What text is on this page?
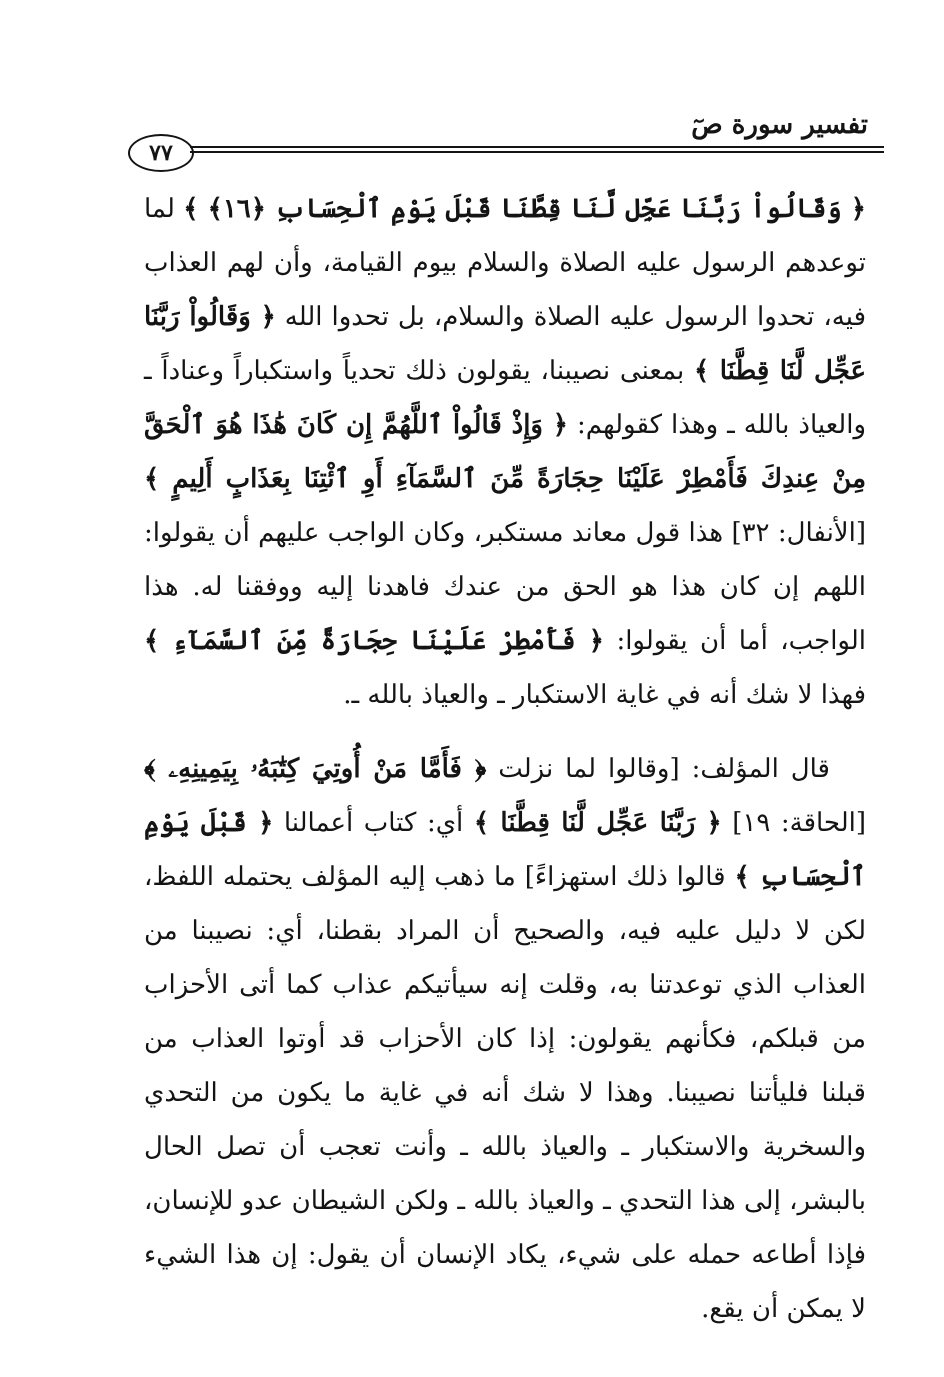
تفسير سورة صٓ
٧٧

﴿ وَقَالُواْ رَبَّنَا عَجِّل لَّنَا قِطَّنَا قَبْلَ يَوْمِ ٱلْحِسَابِ ﴿١٦﴾ ﴾ لما توعدهم الرسول عليه الصلاة والسلام بيوم القيامة، وأن لهم العذاب فيه، تحدوا الرسول عليه الصلاة والسلام، بل تحدوا الله ﴿ وَقَالُواْ رَبَّنَا عَجِّل لَّنَا قِطَّنَا ﴾ بمعنى نصيبنا، يقولون ذلك تحدياً واستكباراً وعناداً ـ والعياذ بالله ـ وهذا كقولهم: ﴿ وَإِذْ قَالُواْ ٱللَّهُمَّ إِن كَانَ هَٰذَا هُوَ ٱلْحَقَّ مِنْ عِندِكَ فَأَمْطِرْ عَلَيْنَا حِجَارَةً مِّنَ ٱلسَّمَآءِ أَوِ ٱئْتِنَا بِعَذَابٍ أَلِيمٍ ﴾ [الأنفال: ٣٢] هذا قول معاند مستكبر، وكان الواجب عليهم أن يقولوا: اللهم إن كان هذا هو الحق من عندك فاهدنا إليه ووفقنا له. هذا الواجب، أما أن يقولوا: ﴿ فَأَمْطِرْ عَلَيْنَا حِجَارَةً مِّنَ ٱلسَّمَآءِ ﴾ فهذا لا شك أنه في غاية الاستكبار ـ والعياذ بالله ـ.

قال المؤلف: [وقالوا لما نزلت ﴿ فَأَمَّا مَنْ أُوتِيَ كِتَٰبَهُۥ بِيَمِينِهِۦ ﴾ [الحاقة: ١٩] ﴿ رَبَّنَا عَجِّل لَّنَا قِطَّنَا ﴾ أي: كتاب أعمالنا ﴿ قَبْلَ يَوْمِ ٱلْحِسَابِ ﴾ قالوا ذلك استهزاءً] ما ذهب إليه المؤلف يحتمله اللفظ، لكن لا دليل عليه فيه، والصحيح أن المراد بقطنا، أي: نصيبنا من العذاب الذي توعدتنا به، وقلت إنه سيأتيكم عذاب كما أتى الأحزاب من قبلكم، فكأنهم يقولون: إذا كان الأحزاب قد أوتوا العذاب من قبلنا فليأتنا نصيبنا. وهذا لا شك أنه في غاية ما يكون من التحدي والسخرية والاستكبار ـ والعياذ بالله ـ وأنت تعجب أن تصل الحال بالبشر، إلى هذا التحدي ـ والعياذ بالله ـ ولكن الشيطان عدو للإنسان، فإذا أطاعه حمله على شيء، يكاد الإنسان أن يقول: إن هذا الشيء لا يمكن أن يقع.
